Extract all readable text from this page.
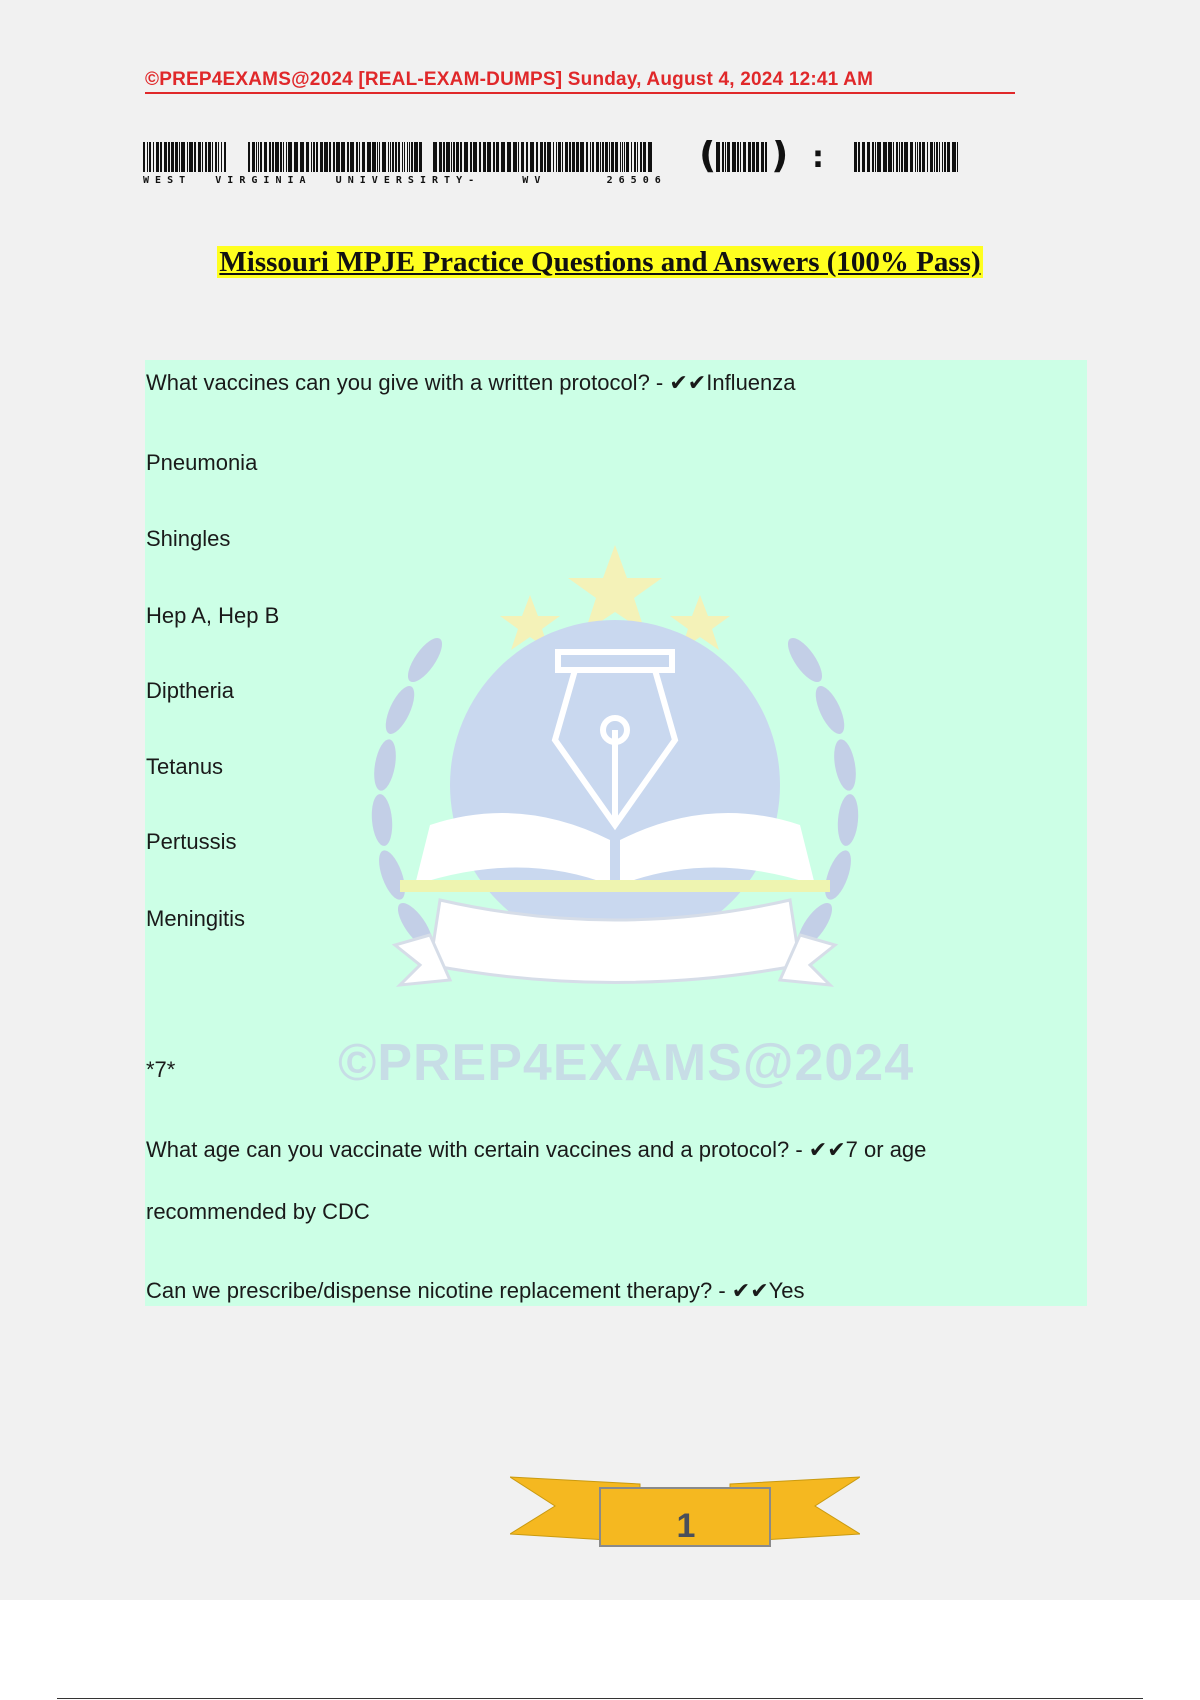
©PREP4EXAMS@2024 [REAL-EXAM-DUMPS] Sunday, August 4, 2024 12:41 AM
( ) :
W E S T     V I R G I N I A     U N I V E R S I R T Y -        W V           2 6 5 0 6
Missouri MPJE Practice Questions and Answers (100% Pass)
©PREP4EXAMS@2024
What vaccines can you give with a written protocol? - ✔✔Influenza
Pneumonia
Shingles
Hep A, Hep B
Diptheria
Tetanus
Pertussis
Meningitis
*7*
What age can you vaccinate with certain vaccines and a protocol? - ✔✔7 or age
recommended by CDC
Can we prescribe/dispense nicotine replacement therapy? - ✔✔Yes
1
